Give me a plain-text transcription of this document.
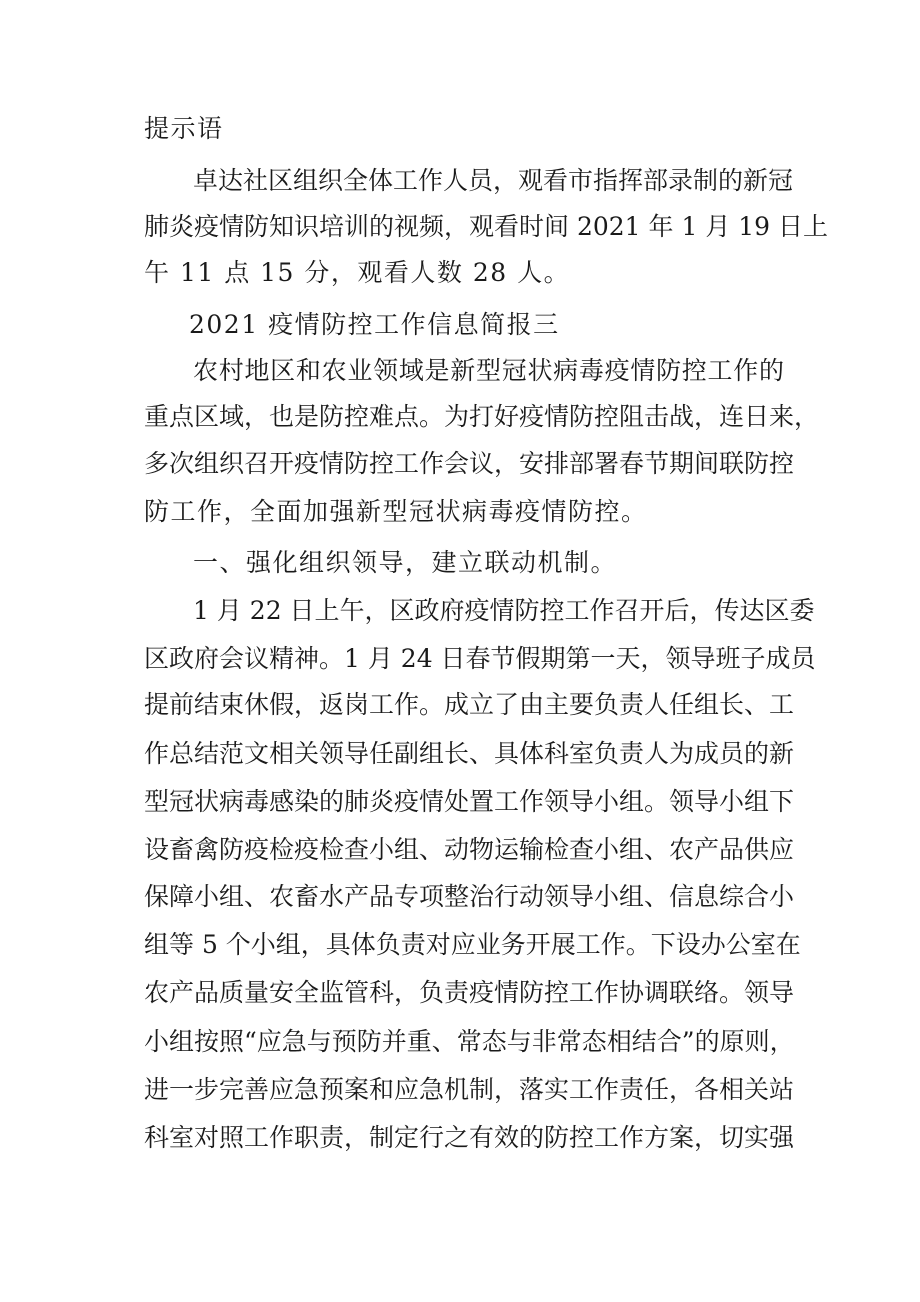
提示语
卓达社区组织全体工作人员，观看市指挥部录制的新冠
肺炎疫情防知识培训的视频，观看时间 2021 年 1 月 19 日上
午 11 点 15 分，观看人数 28 人。
2021 疫情防控工作信息简报三
农村地区和农业领域是新型冠状病毒疫情防控工作的
重点区域，也是防控难点。为打好疫情防控阻击战，连日来，
多次组织召开疫情防控工作会议，安排部署春节期间联防控
防工作，全面加强新型冠状病毒疫情防控。
一、强化组织领导，建立联动机制。
1 月 22 日上午，区政府疫情防控工作召开后，传达区委
区政府会议精神。1 月 24 日春节假期第一天，领导班子成员
提前结束休假，返岗工作。成立了由主要负责人任组长、工
作总结范文相关领导任副组长、具体科室负责人为成员的新
型冠状病毒感染的肺炎疫情处置工作领导小组。领导小组下
设畜禽防疫检疫检查小组、动物运输检查小组、农产品供应
保障小组、农畜水产品专项整治行动领导小组、信息综合小
组等 5 个小组，具体负责对应业务开展工作。下设办公室在
农产品质量安全监管科，负责疫情防控工作协调联络。领导
小组按照“应急与预防并重、常态与非常态相结合”的原则，
进一步完善应急预案和应急机制，落实工作责任，各相关站
科室对照工作职责，制定行之有效的防控工作方案，切实强
